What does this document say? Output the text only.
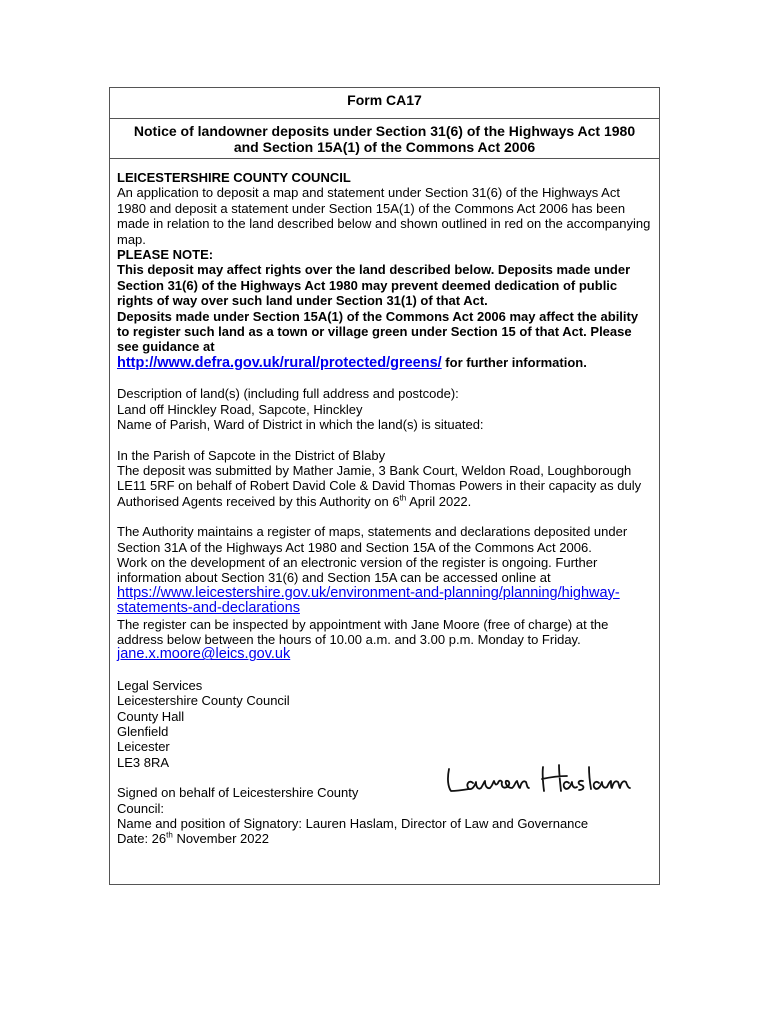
Form CA17
Notice of landowner deposits under Section 31(6) of the Highways Act 1980 and Section 15A(1) of the Commons Act 2006
LEICESTERSHIRE COUNTY COUNCIL
An application to deposit a map and statement under Section 31(6) of the Highways Act 1980 and deposit a statement under Section 15A(1) of the Commons Act 2006 has been made in relation to the land described below and shown outlined in red on the accompanying map.
PLEASE NOTE:
This deposit may affect rights over the land described below. Deposits made under Section 31(6) of the Highways Act 1980 may prevent deemed dedication of public rights of way over such land under Section 31(1) of that Act.
Deposits made under Section 15A(1) of the Commons Act 2006 may affect the ability to register such land as a town or village green under Section 15 of that Act. Please see guidance at
http://www.defra.gov.uk/rural/protected/greens/ for further information.
Description of land(s) (including full address and postcode):
Land off Hinckley Road, Sapcote, Hinckley
Name of Parish, Ward of District in which the land(s) is situated:
In the Parish of Sapcote in the District of Blaby
The deposit was submitted by Mather Jamie, 3 Bank Court, Weldon Road, Loughborough LE11 5RF on behalf of Robert David Cole & David Thomas Powers in their capacity as duly Authorised Agents received by this Authority on 6th April 2022.
The Authority maintains a register of maps, statements and declarations deposited under Section 31A of the Highways Act 1980 and Section 15A of the Commons Act 2006.
Work on the development of an electronic version of the register is ongoing. Further information about Section 31(6) and Section 15A can be accessed online at
https://www.leicestershire.gov.uk/environment-and-planning/planning/highway-statements-and-declarations
The register can be inspected by appointment with Jane Moore (free of charge) at the address below between the hours of 10.00 a.m. and 3.00 p.m. Monday to Friday.
jane.x.moore@leics.gov.uk
Legal Services
Leicestershire County Council
County Hall
Glenfield
Leicester
LE3 8RA
Signed on behalf of Leicestershire County Council:
Name and position of Signatory: Lauren Haslam, Director of Law and Governance
Date: 26th November 2022
